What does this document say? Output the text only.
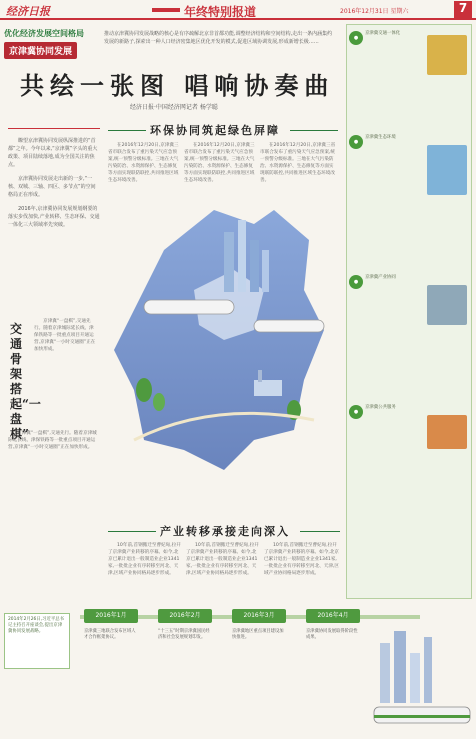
经济日报	年终特别报道	2016年12月31日 星期六	7
优化经济发展空间格局
京津冀协同发展
推动京津冀协同发展战略的核心是有序疏解北京非首都功能,调整经济结构和空间结构,走出一条内涵集约发展的新路子,探索出一种人口经济密集地区优化开发的模式,促进区域协调发展,形成新增长极……
共绘一张图 唱响协奏曲
经济日报·中国经济网记者 杨学聪

瞭望京津冀协同发展纵深推进的“首都”之年。今年以来,“京津冀”字头的重大政策、项目陆续落地,成为全国关注的焦点。

京津冀协同发展走出新的一步,“一核、双城、三轴、四区、多节点”的空间格局正在形成。

2016年,京津冀协同发展规划纲要的落实步伐加快,产业转移、生态环保、交通一体化三大领域率先突破。

交通骨架搭起“一盘棋”

京津冀“一盘棋”,交通先行。随着京津城际延长线、津保铁路等一批重点项目开通运营,京津冀“一小时交通圈”正在加快形成。

京津冀“一盘棋”,交通先行。随着京津城际延长线、津保铁路等一批重点项目开通运营,京津冀“一小时交通圈”正在加快形成。

环保协同筑起绿色屏障

在2016年12月20日,京津冀三省市联合发布了重污染天气应急预案,统一预警分级标准。三地在大气污染防治、水资源保护、生态修复等方面实现联防联控,共同推进区域生态环境改善。

在2016年12月20日,京津冀三省市联合发布了重污染天气应急预案,统一预警分级标准。三地在大气污染防治、水资源保护、生态修复等方面实现联防联控,共同推进区域生态环境改善。

在2016年12月20日,京津冀三省市联合发布了重污染天气应急预案,统一预警分级标准。三地在大气污染防治、水资源保护、生态修复等方面实现联防联控,共同推进区域生态环境改善。

产业转移承接走向深入

10年前,首钢搬迁至曹妃甸,拉开了京津冀产业转移的序幕。如今,北京已累计退出一般制造业企业1341家,一批批企业有序转移至河北、天津,区域产业协同格局逐步形成。

10年前,首钢搬迁至曹妃甸,拉开了京津冀产业转移的序幕。如今,北京已累计退出一般制造业企业1341家,一批批企业有序转移至河北、天津,区域产业协同格局逐步形成。

10年前,首钢搬迁至曹妃甸,拉开了京津冀产业转移的序幕。如今,北京已累计退出一般制造业企业1341家,一批批企业有序转移至河北、天津,区域产业协同格局逐步形成。

●
京津冀交通一体化
●
京津冀生态环境
●
京津冀产业协同
●
京津冀公共服务
2014年2月26日,习近平总书记主持召开座谈会,提出京津冀协同发展战略。
2016年1月
京津冀三地联合发布区域人才合作框架协议。
2016年2月
“十三五”时期京津冀国民经济和社会发展规划印发。
2016年3月
京津冀地区重点项目建设加快推进。
2016年4月
京津冀协同发展取得阶段性成果。
